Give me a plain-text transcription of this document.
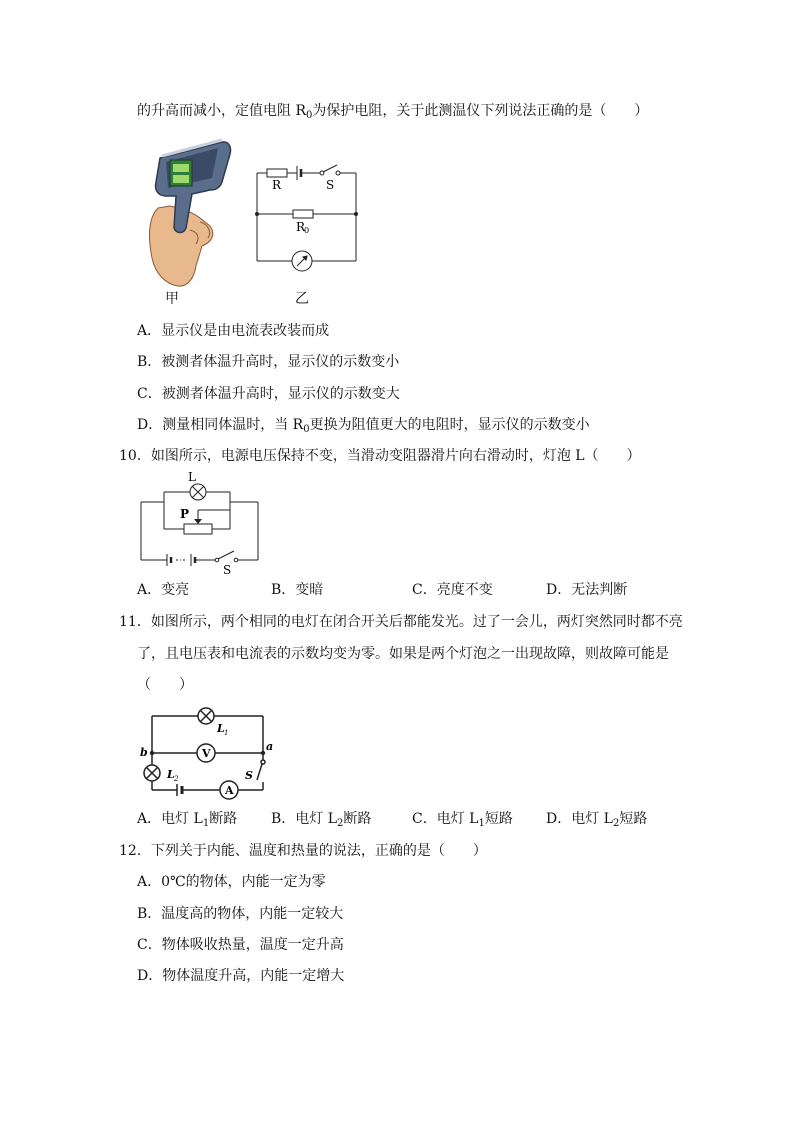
的升高而减小，定值电阻 $R_0$为保护电阻，关于此测温仪下列说法正确的是（　　）
甲
R	S
R
0
乙
A．显示仪是由电流表改装而成
B．被测者体温升高时，显示仪的示数变小
C．被测者体温升高时，显示仪的示数变大
D．测量相同体温时，当 $R_0$更换为阻值更大的电阻时，显示仪的示数变小
10．如图所示，电源电压保持不变，当滑动变阻器滑片向右滑动时，灯泡 L（　　）
L
P
S
A．变亮	B．变暗	C．亮度不变	D．无法判断
11．如图所示，两个相同的电灯在闭合开关后都能发光。过了一会儿，两灯突然同时都不亮
了，且电压表和电流表的示数均变为零。如果是两个灯泡之一出现故障，则故障可能是
（　　）
V
A
L 1
L 2	S
a
b
A．电灯 $L_1$断路 B．电灯 $L_2$断路	C．电灯 $L_1$短路 D．电灯 $L_2$短路
12．下列关于内能、温度和热量的说法，正确的是（　　）
A．0℃的物体，内能一定为零
B．温度高的物体，内能一定较大
C．物体吸收热量，温度一定升高
D．物体温度升高，内能一定增大
